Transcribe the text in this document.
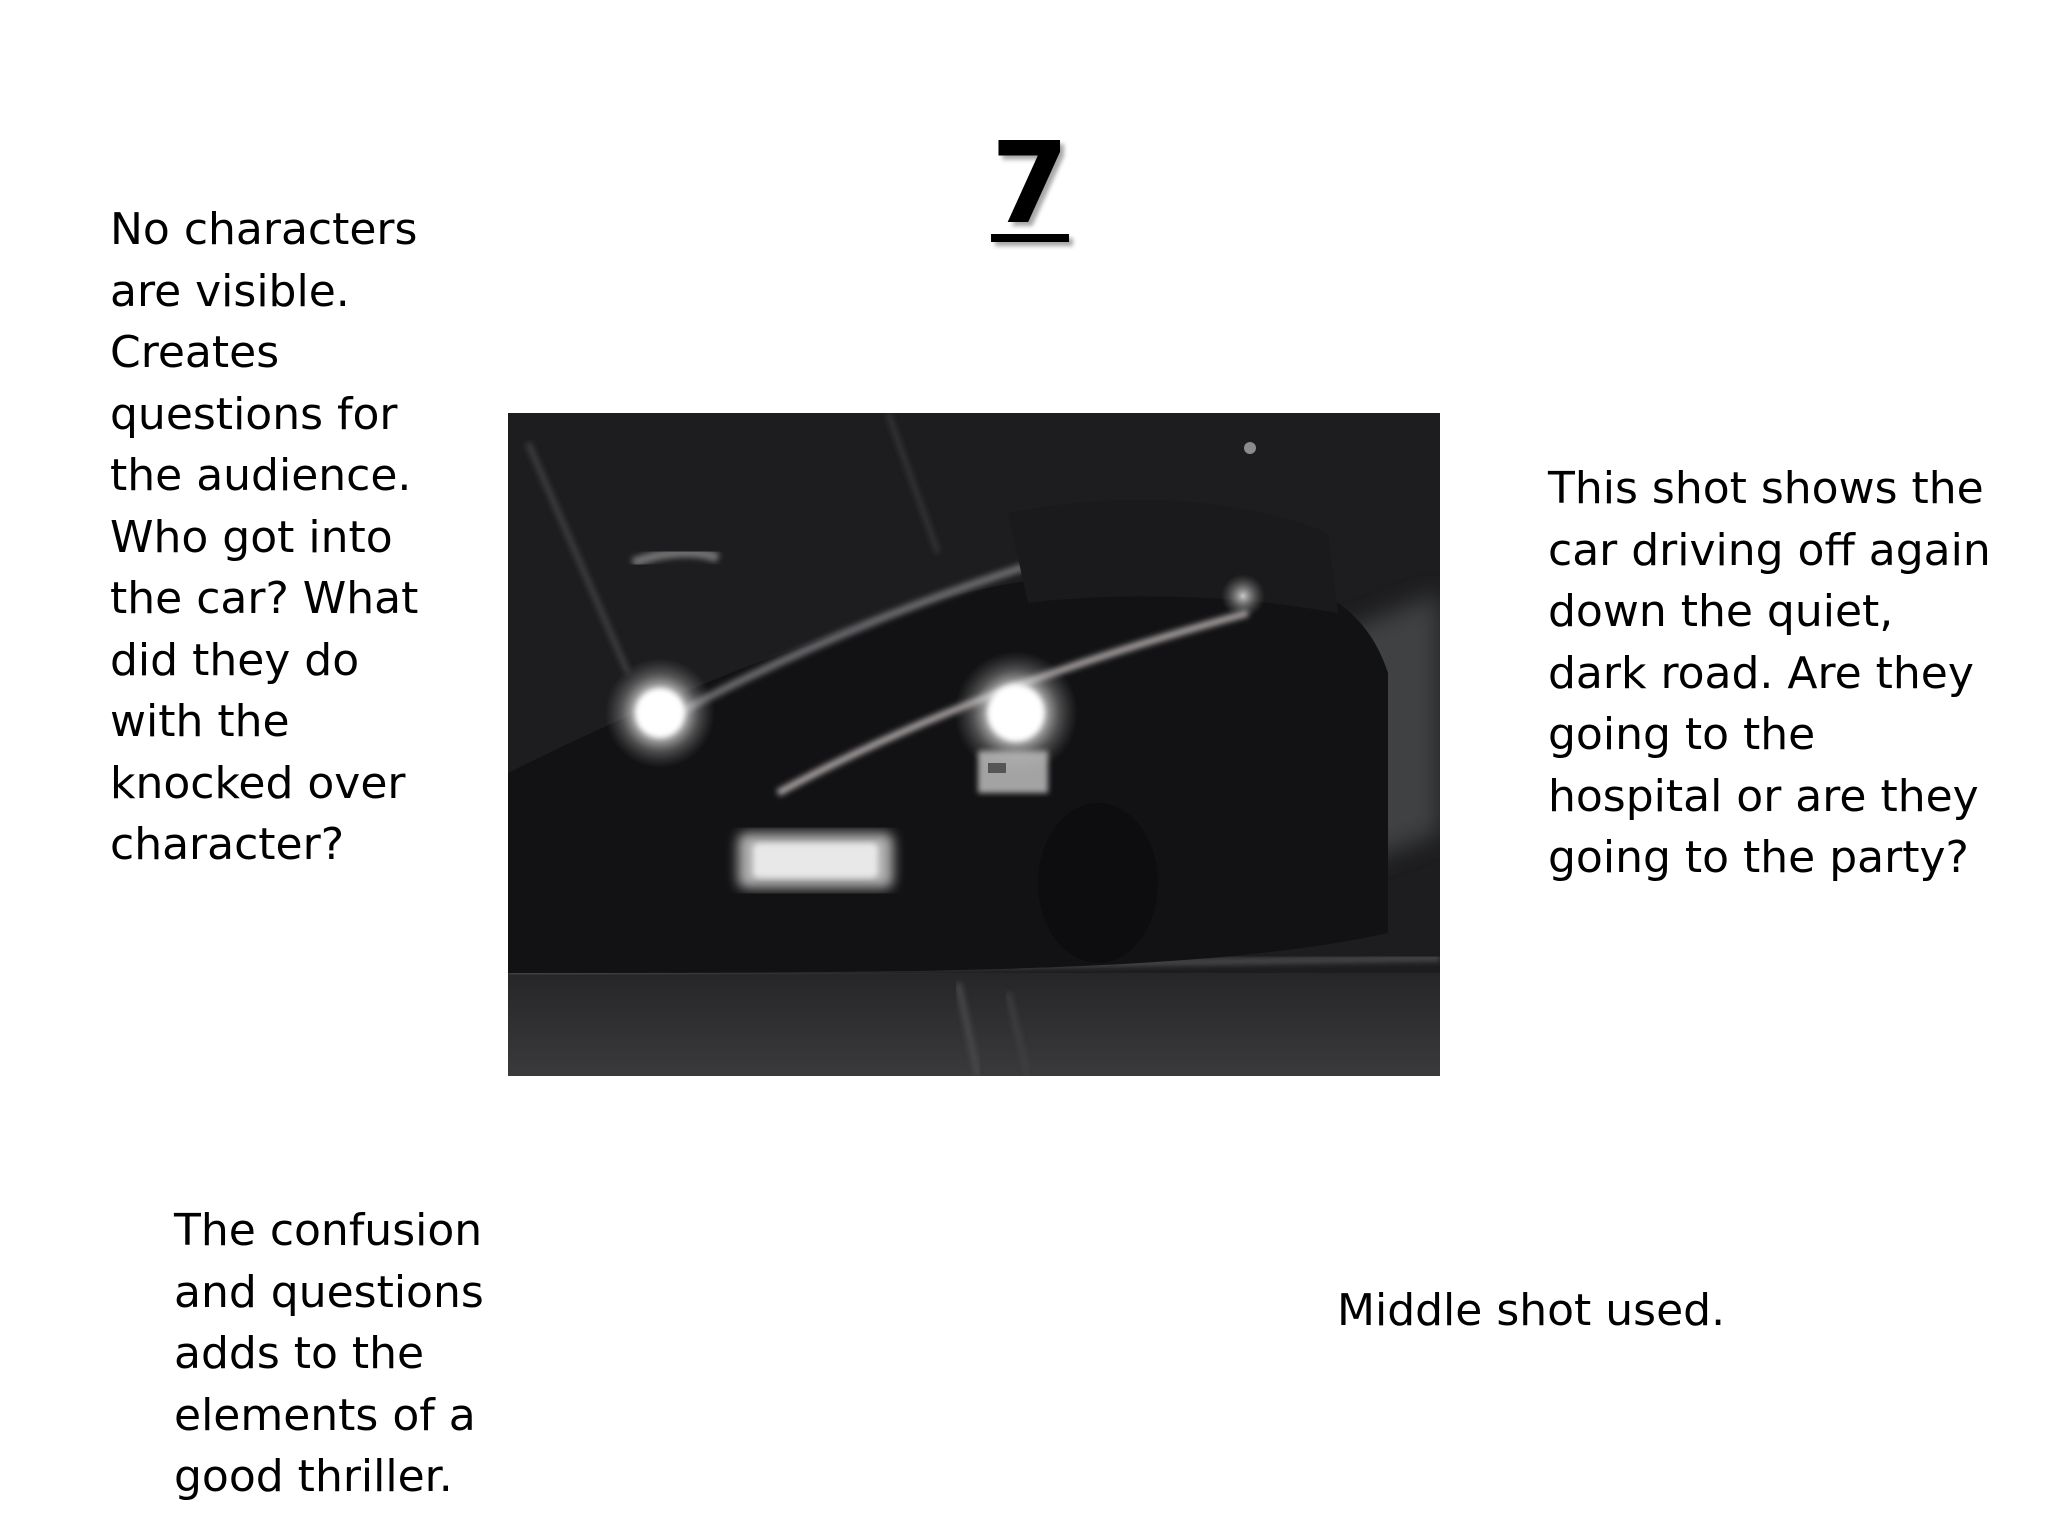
7
No characters
are visible.
Creates
questions for
the audience.
Who got into
the car? What
did they do
with the
knocked over
character?
This shot shows the
car driving off again
down the quiet,
dark road. Are they
going to the
hospital or are they
going to the party?
The confusion
and questions
adds to the
elements of a
good thriller.
Middle shot used.
